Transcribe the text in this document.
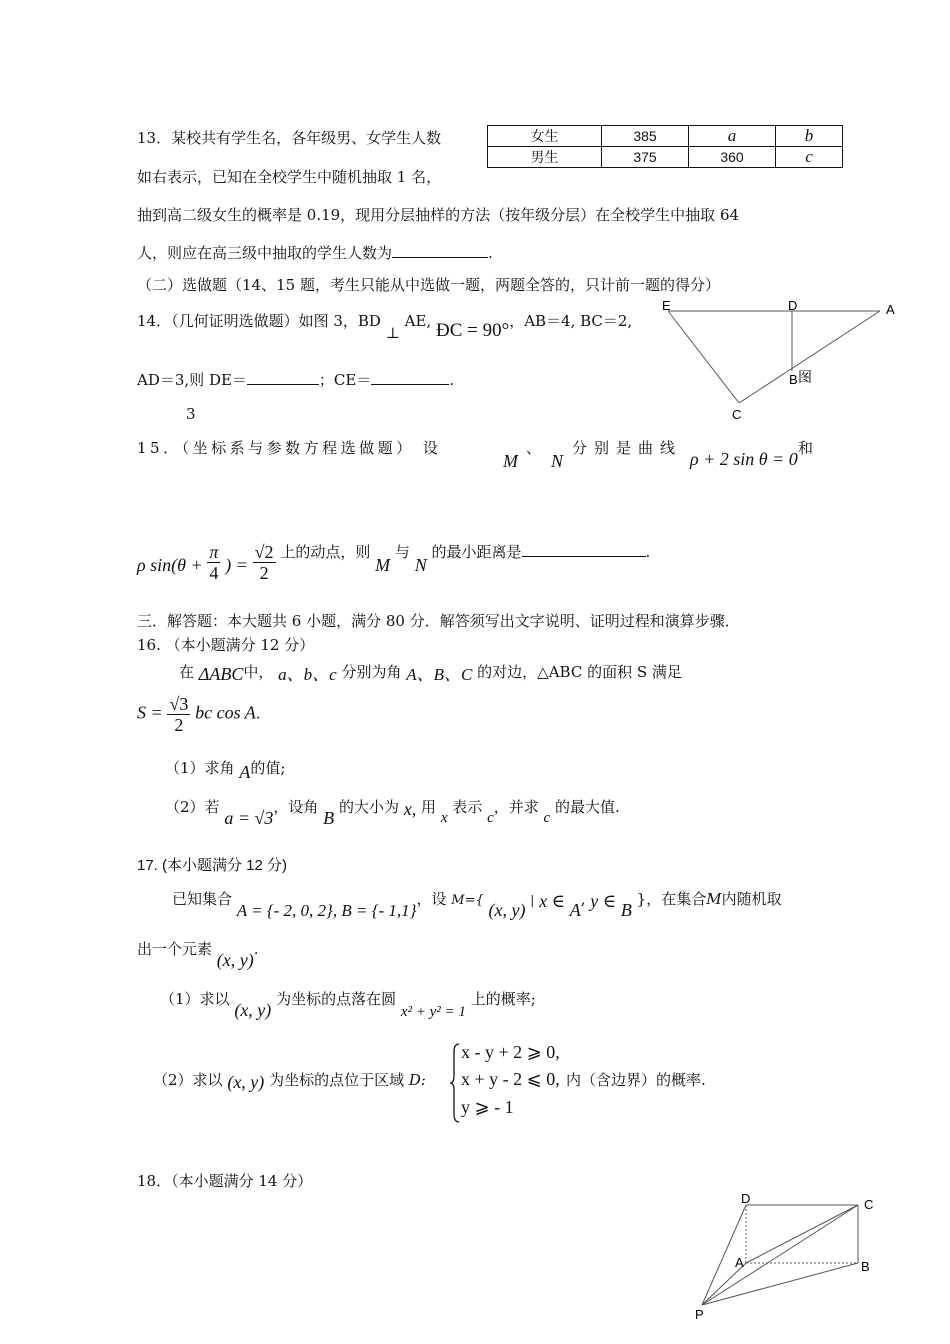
13．某校共有学生名，各年级男、女学生人数
如右表示，已知在全校学生中随机抽取 1 名，
女生	385	a	b
男生	375	360	c
抽到高二级女生的概率是 0.19，现用分层抽样的方法（按年级分层）在全校学生中抽取 64
人，则应在高三级中抽取的学生人数为	.
（二）选做题（14、15 题，考生只能从中选做一题，两题全答的，只计前一题的得分）
14．（几何证明选做题）如图 3，BD ⊥ AE, ÐC = 90°，AB＝4, BC＝2,
AD＝3,则 DE＝	；CE＝	.
3
E	D	A
B 图
C
15．（坐标系与参数方程选做题） 设
M
、
N
分别是曲线
ρ + 2 sin θ = 0
和
ρ $\sin(\theta + \frac{\pi}{4}$ ) = $\frac{√2}{2}$ 上的动点，则 M 与 N 的最小距离是	.
三．解答题：本大题共 6 小题，满分 80 分．解答须写出文字说明、证明过程和演算步骤．
16. （本小题满分 12 分）
在 ΔABC中， a、b、c 分别为角 A、B、C 的对边，△ABC 的面积 S 满足
$S = \frac{√3}{2}$ bc cos A.
（1）求角 A的值;
（2）若 a = √3，设角 B 的大小为 x, 用 x 表示 c，并求 c 的最大值.
17. (本小题满分 12 分)
已知集合 A = {- 2, 0, 2}, B = {- 1,1}，设 M={ (x, y) | x ∈ A, y ∈ B }，在集合M内随机取
出一个元素 (x, y).
（1）求以 (x, y) 为坐标的点落在圆 x² + y² = 1 上的概率;
（2）求以 (x, y) 为坐标的点位于区域 D:
x - y + 2 ⩾ 0,
x + y - 2 ⩽ 0,
y ⩾ - 1
内（含边界）的概率.
18．（本小题满分 14 分）
D	C
A	B
P
